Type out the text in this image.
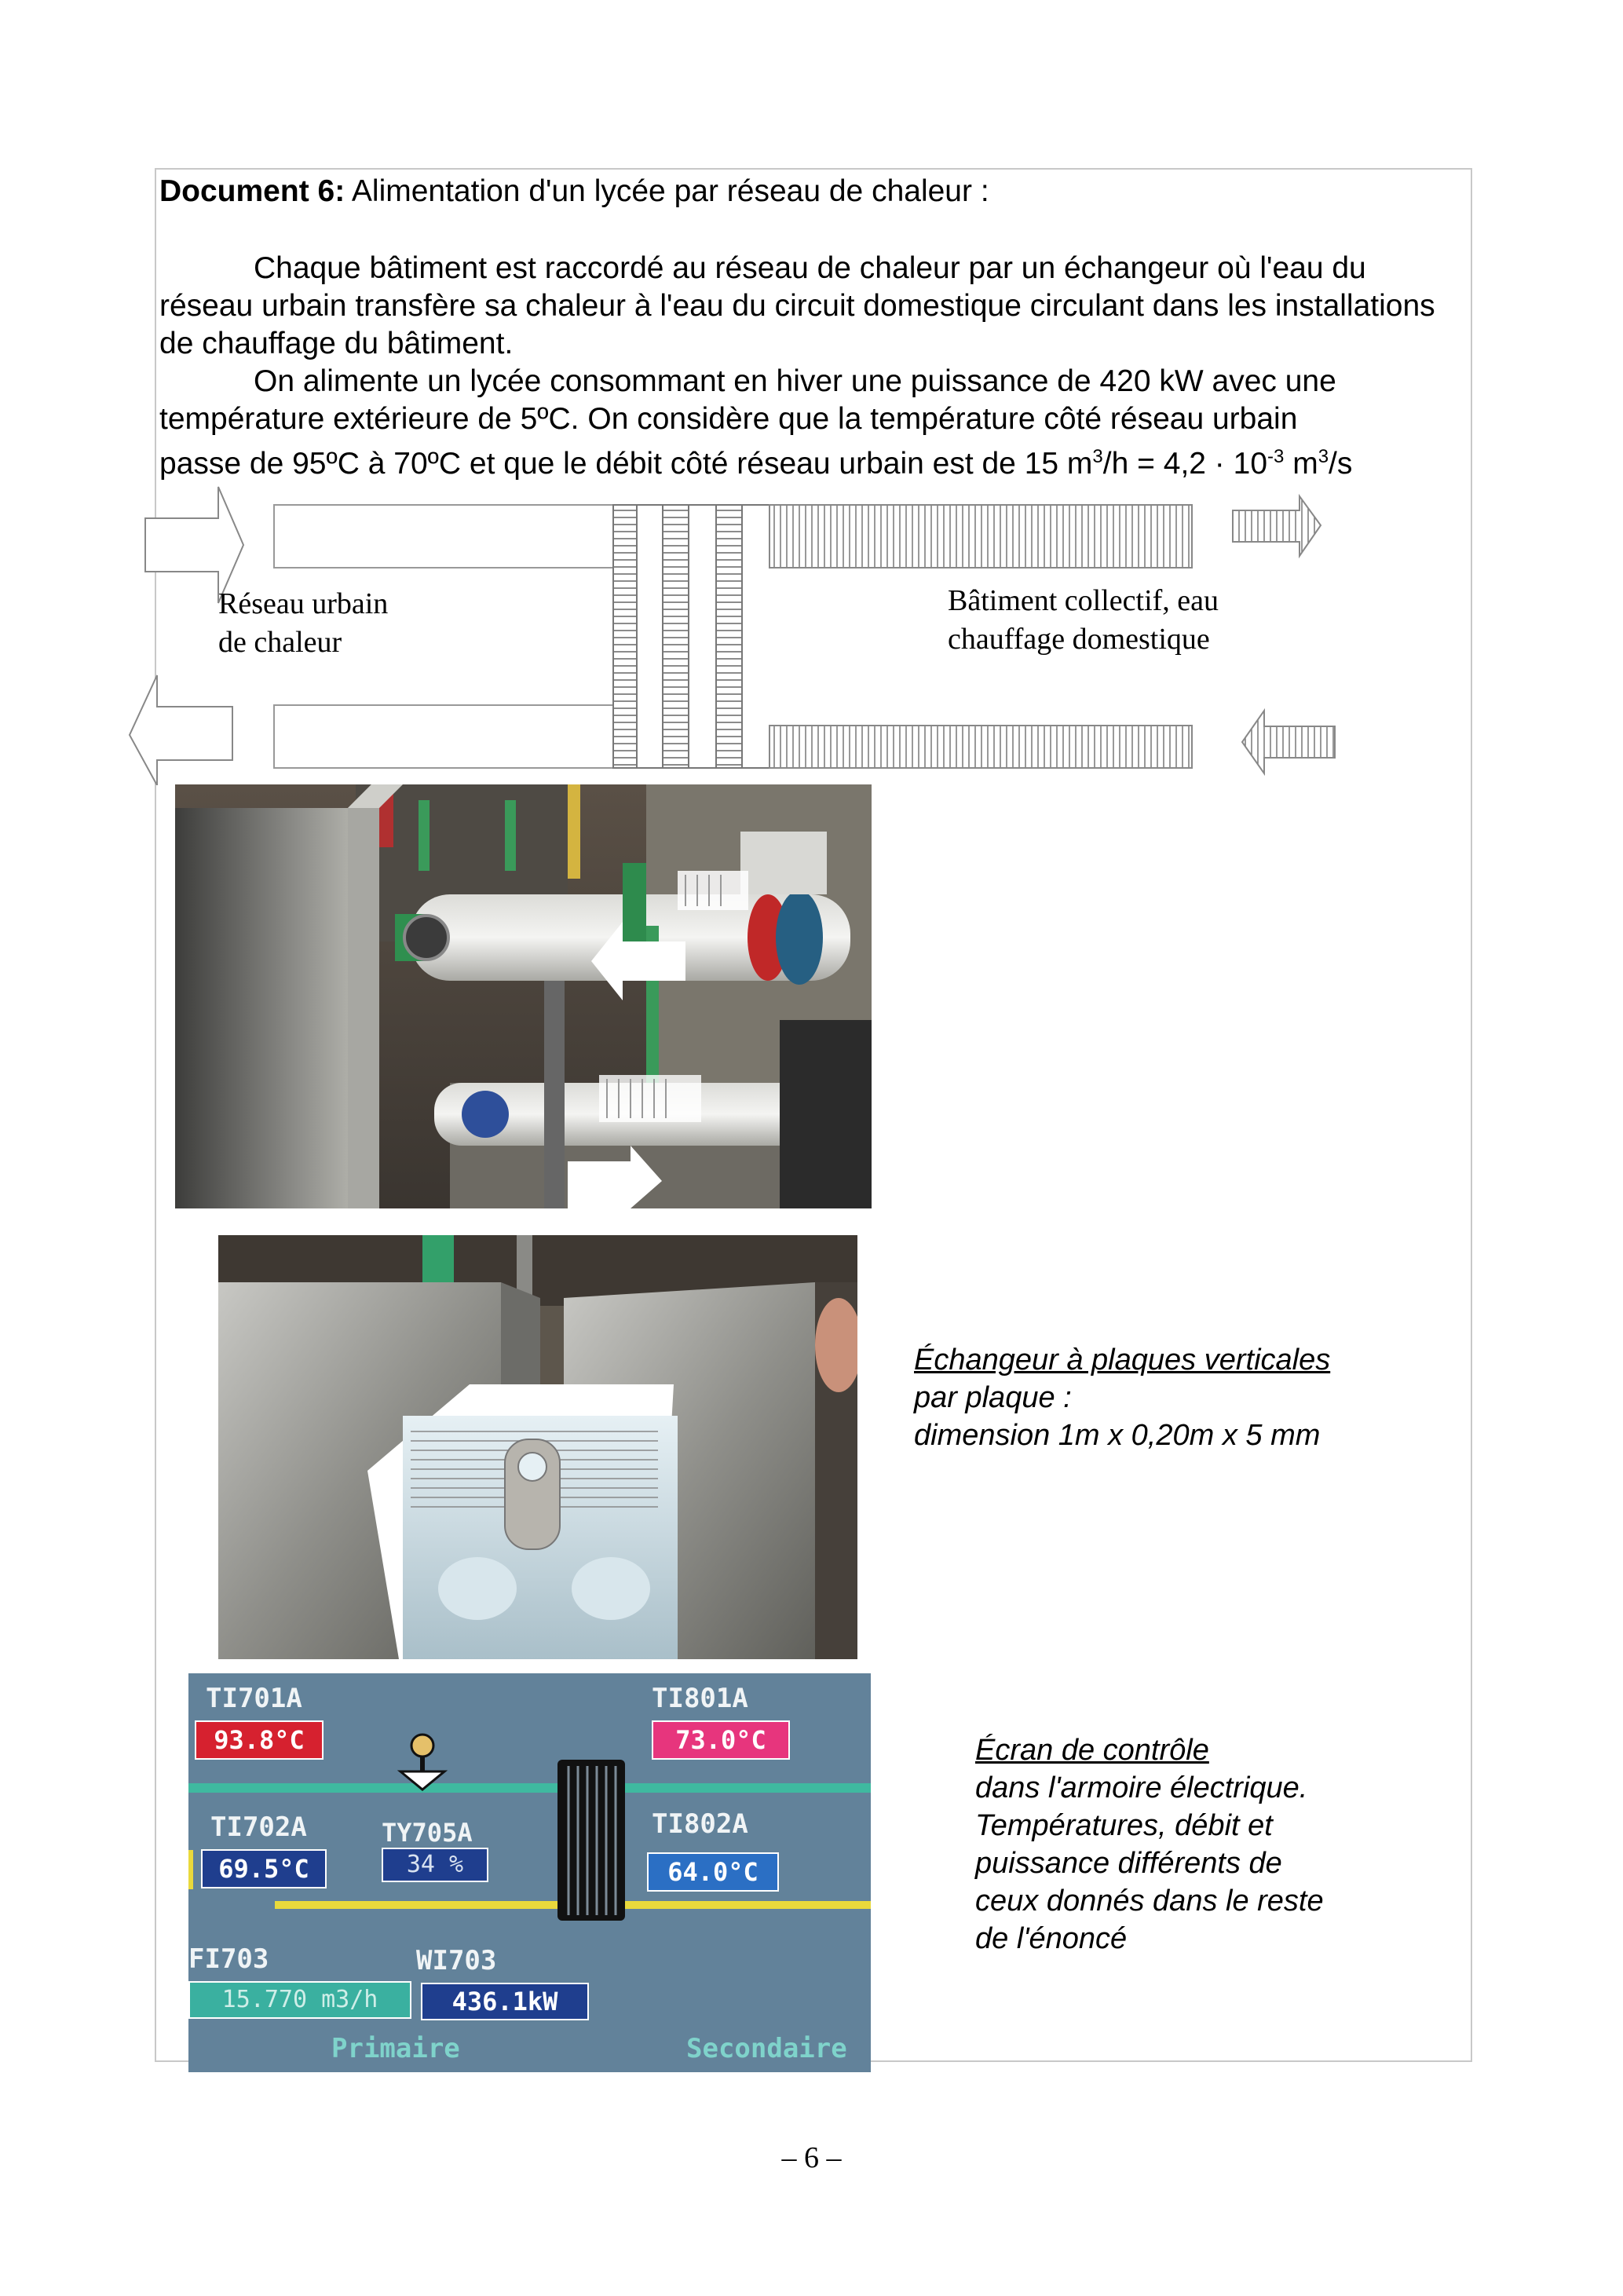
Document 6: Alimentation d'un lycée par réseau de chaleur :
Chaque bâtiment est raccordé au réseau de chaleur par un échangeur où l'eau du réseau urbain transfère sa chaleur à l'eau du circuit domestique circulant dans les installations de chauffage du bâtiment.
On alimente un lycée consommant en hiver une puissance de 420 kW avec une
température extérieure de 5ºC. On considère que la température côté réseau urbain
passe de 95ºC à 70ºC et que le débit côté réseau urbain est de 15 $m^3/h = 4,2 \cdot 10^{-3}$ $m^3/s$
Réseau urbain
de chaleur
Bâtiment collectif, eau
chauffage domestique
Échangeur à plaques verticales
par plaque :
dimension 1m x 0,20m x 5 mm
TI701A
93.8°C
TI801A
73.0°C
TI702A
69.5°C
TY705A
34 %
TI802A
64.0°C
FI703
15.770 m3/h
WI703
436.1kW
Primaire	Secondaire
Écran de contrôle
dans l'armoire électrique.
Températures, débit et
puissance différents de
ceux donnés dans le reste
de l'énoncé
– 6 –
